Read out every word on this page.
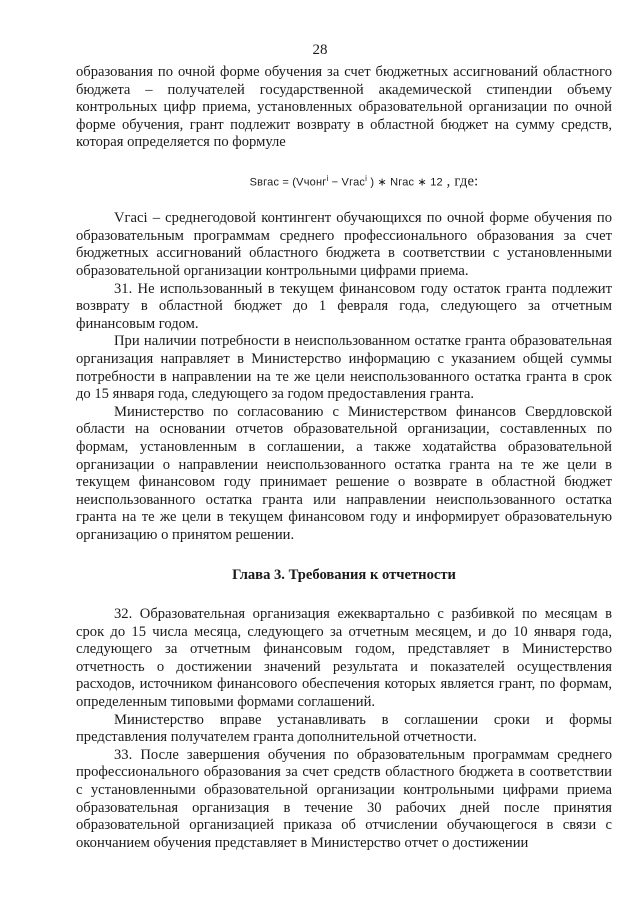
28

образования по очной форме обучения за счет бюджетных ассигнований областного бюджета – получателей государственной академической стипендии объему контрольных цифр приема, установленных образовательной организации по очной форме обучения, грант подлежит возврату в областной бюджет на сумму средств, которая определяется по формуле

Sвгас = (Vчонг$^i$ − Vгас$^i$ ) ∗ Nгас ∗ 12 , где:

Vгасi – среднегодовой контингент обучающихся по очной форме обучения по образовательным программам среднего профессионального образования за счет бюджетных ассигнований областного бюджета в соответствии с установленными образовательной организации контрольными цифрами приема.

31. Не использованный в текущем финансовом году остаток гранта подлежит возврату в областной бюджет до 1 февраля года, следующего за отчетным финансовым годом.

При наличии потребности в неиспользованном остатке гранта образовательная организация направляет в Министерство информацию с указанием общей суммы потребности в направлении на те же цели неиспользованного остатка гранта в срок до 15 января года, следующего за годом предоставления гранта.

Министерство по согласованию с Министерством финансов Свердловской области на основании отчетов образовательной организации, составленных по формам, установленным в соглашении, а также ходатайства образовательной организации о направлении неиспользованного остатка гранта на те же цели в текущем финансовом году принимает решение о возврате в областной бюджет неиспользованного остатка гранта или направлении неиспользованного остатка гранта на те же цели в текущем финансовом году и информирует образовательную организацию о принятом решении.

Глава 3. Требования к отчетности

32. Образовательная организация ежеквартально с разбивкой по месяцам в срок до 15 числа месяца, следующего за отчетным месяцем, и до 10 января года, следующего за отчетным финансовым годом, представляет в Министерство отчетность о достижении значений результата и показателей осуществления расходов, источником финансового обеспечения которых является грант, по формам, определенным типовыми формами соглашений.

Министерство вправе устанавливать в соглашении сроки и формы представления получателем гранта дополнительной отчетности.

33. После завершения обучения по образовательным программам среднего профессионального образования за счет средств областного бюджета в соответствии с установленными образовательной организации контрольными цифрами приема образовательная организация в течение 30 рабочих дней после принятия образовательной организацией приказа об отчислении обучающегося в связи с окончанием обучения представляет в Министерство отчет о достижении
